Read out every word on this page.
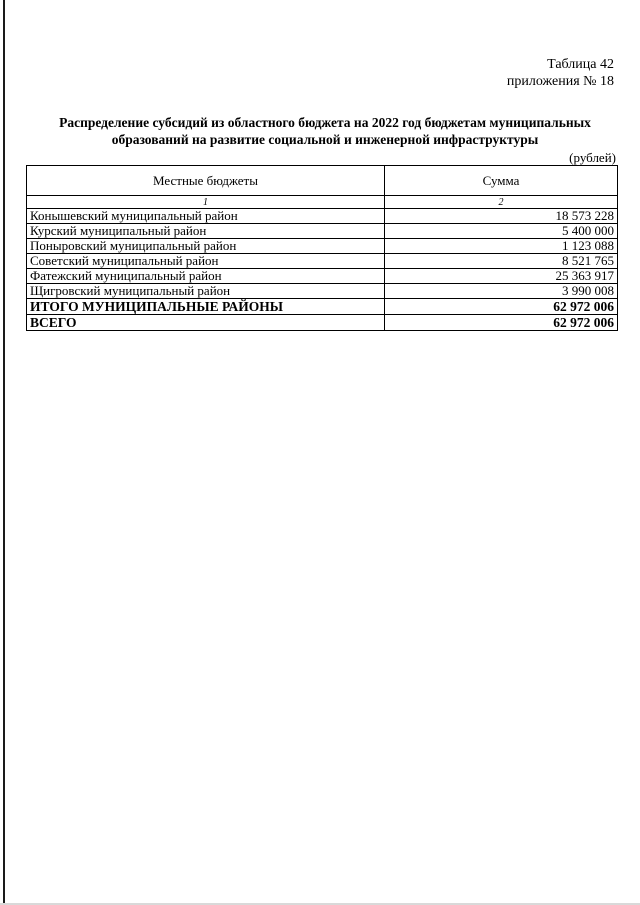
Таблица 42
приложения № 18
Распределение субсидий из областного бюджета на 2022 год бюджетам муниципальных
образований на развитие социальной и инженерной инфраструктуры
(рублей)
Местные бюджеты	Сумма
1	2
Конышевский муниципальный район	18 573 228
Курский муниципальный район	5 400 000
Поныровский муниципальный район	1 123 088
Советский муниципальный район	8 521 765
Фатежский муниципальный район	25 363 917
Щигровский муниципальный район	3 990 008
ИТОГО МУНИЦИПАЛЬНЫЕ РАЙОНЫ	62 972 006
ВСЕГО	62 972 006
